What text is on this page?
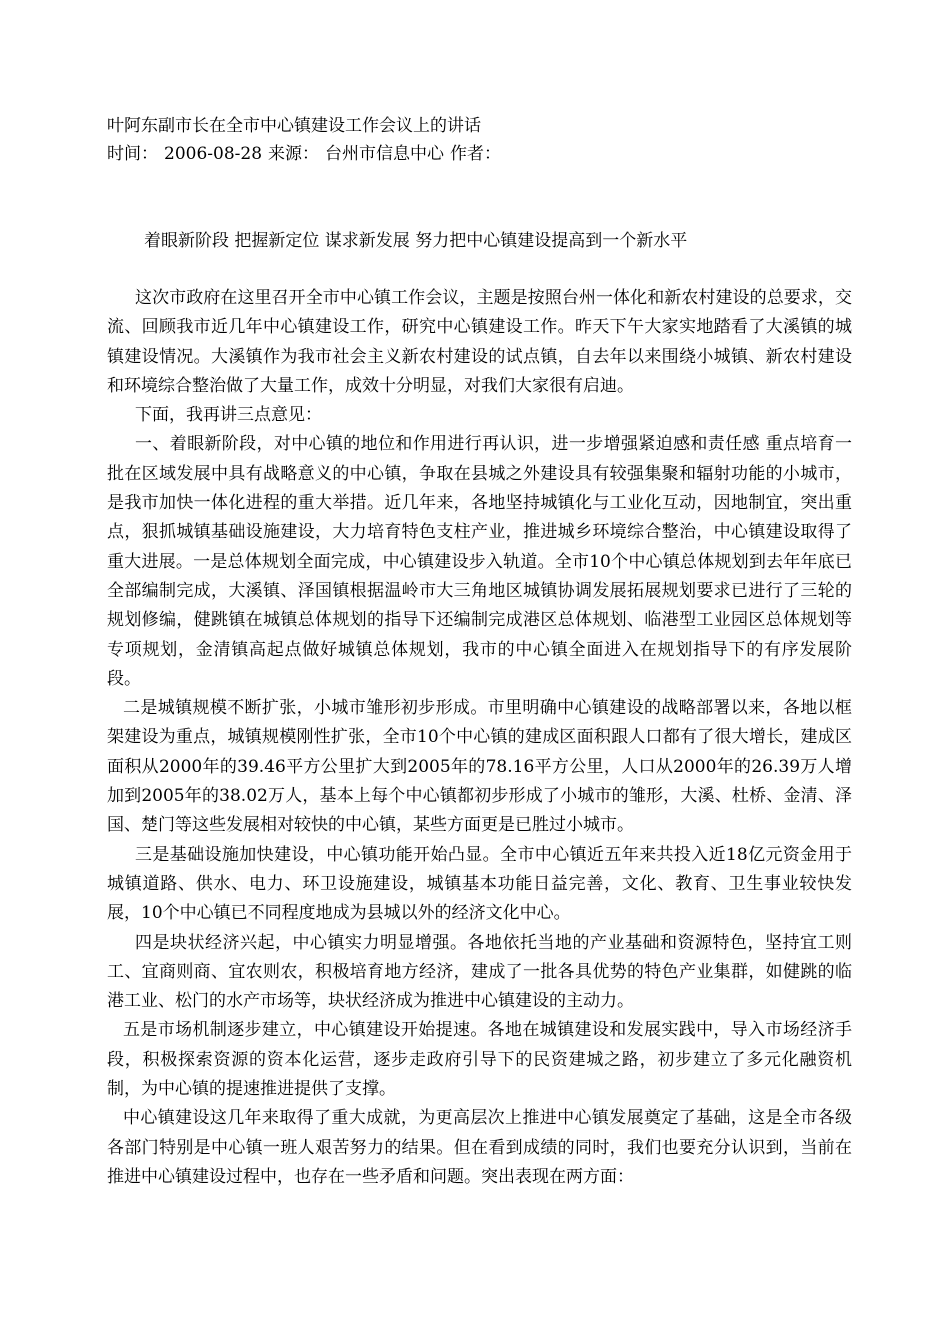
叶阿东副市长在全市中心镇建设工作会议上的讲话

时间： 2006-08-28 来源： 台州市信息中心 作者：

着眼新阶段 把握新定位 谋求新发展 努力把中心镇建设提高到一个新水平

这次市政府在这里召开全市中心镇工作会议，主题是按照台州一体化和新农村建设的总要求，交流、回顾我市近几年中心镇建设工作，研究中心镇建设工作。昨天下午大家实地踏看了大溪镇的城镇建设情况。大溪镇作为我市社会主义新农村建设的试点镇，自去年以来围绕小城镇、新农村建设和环境综合整治做了大量工作，成效十分明显，对我们大家很有启迪。

下面，我再讲三点意见：

一、着眼新阶段，对中心镇的地位和作用进行再认识，进一步增强紧迫感和责任感 重点培育一批在区域发展中具有战略意义的中心镇，争取在县城之外建设具有较强集聚和辐射功能的小城市，是我市加快一体化进程的重大举措。近几年来，各地坚持城镇化与工业化互动，因地制宜，突出重点，狠抓城镇基础设施建设，大力培育特色支柱产业，推进城乡环境综合整治，中心镇建设取得了重大进展。一是总体规划全面完成，中心镇建设步入轨道。全市10个中心镇总体规划到去年年底已全部编制完成，大溪镇、泽国镇根据温岭市大三角地区城镇协调发展拓展规划要求已进行了三轮的规划修编，健跳镇在城镇总体规划的指导下还编制完成港区总体规划、临港型工业园区总体规划等专项规划，金清镇高起点做好城镇总体规划，我市的中心镇全面进入在规划指导下的有序发展阶段。

二是城镇规模不断扩张，小城市雏形初步形成。市里明确中心镇建设的战略部署以来，各地以框架建设为重点，城镇规模刚性扩张，全市10个中心镇的建成区面积跟人口都有了很大增长，建成区面积从2000年的39.46平方公里扩大到2005年的78.16平方公里，人口从2000年的26.39万人增加到2005年的38.02万人，基本上每个中心镇都初步形成了小城市的雏形，大溪、杜桥、金清、泽国、楚门等这些发展相对较快的中心镇，某些方面更是已胜过小城市。

三是基础设施加快建设，中心镇功能开始凸显。全市中心镇近五年来共投入近18亿元资金用于城镇道路、供水、电力、环卫设施建设，城镇基本功能日益完善，文化、教育、卫生事业较快发展，10个中心镇已不同程度地成为县城以外的经济文化中心。

四是块状经济兴起，中心镇实力明显增强。各地依托当地的产业基础和资源特色，坚持宜工则工、宜商则商、宜农则农，积极培育地方经济，建成了一批各具优势的特色产业集群，如健跳的临港工业、松门的水产市场等，块状经济成为推进中心镇建设的主动力。

五是市场机制逐步建立，中心镇建设开始提速。各地在城镇建设和发展实践中，导入市场经济手段，积极探索资源的资本化运营，逐步走政府引导下的民资建城之路，初步建立了多元化融资机制，为中心镇的提速推进提供了支撑。

中心镇建设这几年来取得了重大成就，为更高层次上推进中心镇发展奠定了基础，这是全市各级各部门特别是中心镇一班人艰苦努力的结果。但在看到成绩的同时，我们也要充分认识到，当前在推进中心镇建设过程中，也存在一些矛盾和问题。突出表现在两方面：
